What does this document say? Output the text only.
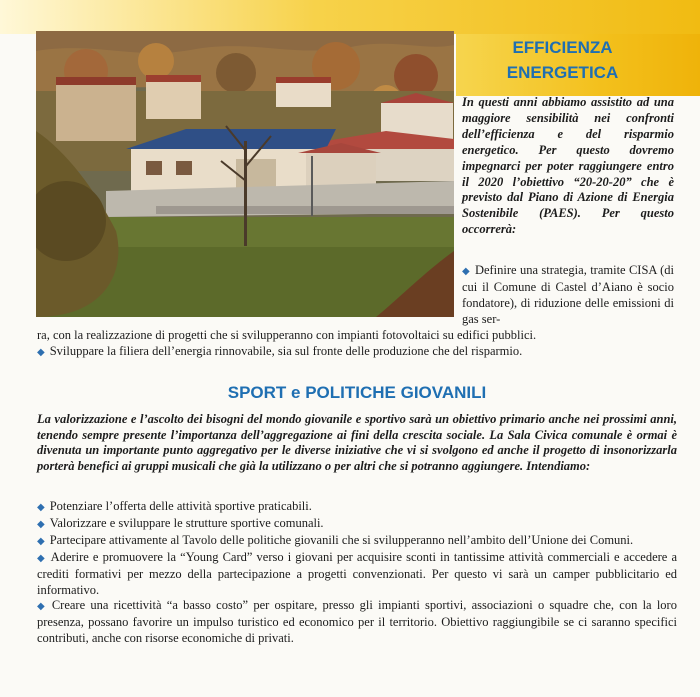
EFFICIENZA
ENERGETICA

In questi anni abbiamo assistito ad una maggiore sensibilità nei confronti dell’efficienza e del risparmio energetico. Per questo dovremo impegnarci per poter raggiungere entro il 2020 l’obiettivo “20-20-20” che è previsto dal Piano di Azione di Energia Sostenibile (PAES). Per questo occorrerà:

◆ Definire una strategia, tramite CISA (di cui il Comune di Castel d’Aiano è socio fondatore), di riduzione delle emissioni di gas ser-

ra, con la realizzazione di progetti che si svilupperanno con impianti fotovoltaici su edifici pubblici.

◆ Sviluppare la filiera dell’energia rinnovabile, sia sul fronte delle produzione che del risparmio.

SPORT e POLITICHE GIOVANILI

La valorizzazione e l’ascolto dei bisogni del mondo giovanile e sportivo sarà un obiettivo primario anche nei prossimi anni, tenendo sempre presente l’importanza dell’aggregazione ai fini della crescita sociale. La Sala Civica comunale è ormai è divenuta un importante punto aggregativo per le diverse iniziative che vi si svolgono ed anche il progetto di insonorizzarla porterà benefici ai gruppi musicali che già la utilizzano o per altri che si potranno aggiungere. Intendiamo:

◆ Potenziare l’offerta delle attività sportive praticabili.
◆ Valorizzare e sviluppare le strutture sportive comunali.
◆ Partecipare attivamente al Tavolo delle politiche giovanili che si svilupperanno nell’ambito dell’Unione dei Comuni.
◆ Aderire e promuovere la “Young Card” verso i giovani per acquisire sconti in tantissime attività commerciali e accedere a crediti formativi per mezzo della partecipazione a progetti convenzionati. Per questo vi sarà un camper pubblicitario ed informativo.
◆ Creare una ricettività “a basso costo” per ospitare, presso gli impianti sportivi, associazioni o squadre che, con la loro presenza, possano favorire un impulso turistico ed economico per il territorio. Obiettivo raggiungibile se ci saranno specifici contributi, anche con risorse economiche di privati.
